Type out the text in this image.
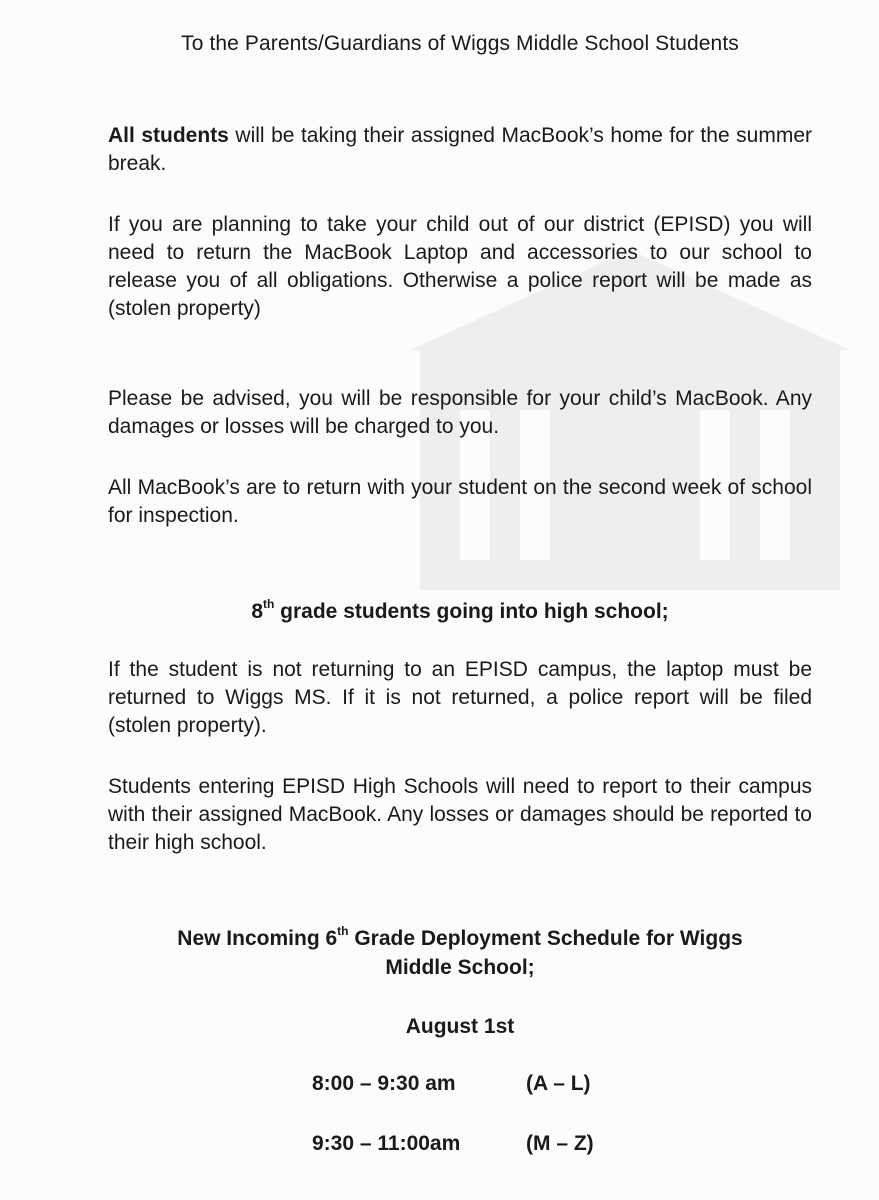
To the Parents/Guardians of Wiggs Middle School Students

All students will be taking their assigned MacBook’s home for the summer break.

If you are planning to take your child out of our district (EPISD) you will need to return the MacBook Laptop and accessories to our school to release you of all obligations. Otherwise a police report will be made as (stolen property)

Please be advised, you will be responsible for your child’s MacBook. Any damages or losses will be charged to you.

All MacBook’s are to return with your student on the second week of school for inspection.

8th grade students going into high school;

If the student is not returning to an EPISD campus, the laptop must be returned to Wiggs MS. If it is not returned, a police report will be filed (stolen property).

Students entering EPISD High Schools will need to report to their campus with their assigned MacBook. Any losses or damages should be reported to their high school.

New Incoming 6th Grade Deployment Schedule for Wiggs
Middle School;
August 1st
8:00 – 9:30 am	(A – L)
9:30 – 11:00am	(M – Z)
